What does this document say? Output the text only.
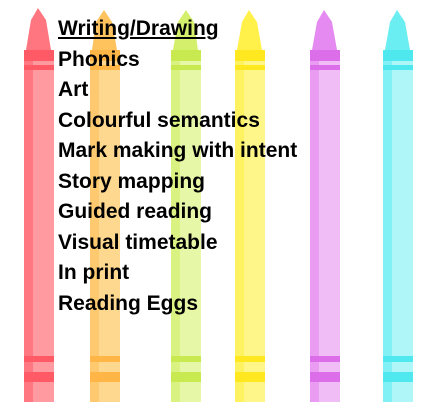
Writing/Drawing
Phonics
Art
Colourful semantics
Mark making with intent
Story mapping
Guided reading
Visual timetable
In print
Reading Eggs
